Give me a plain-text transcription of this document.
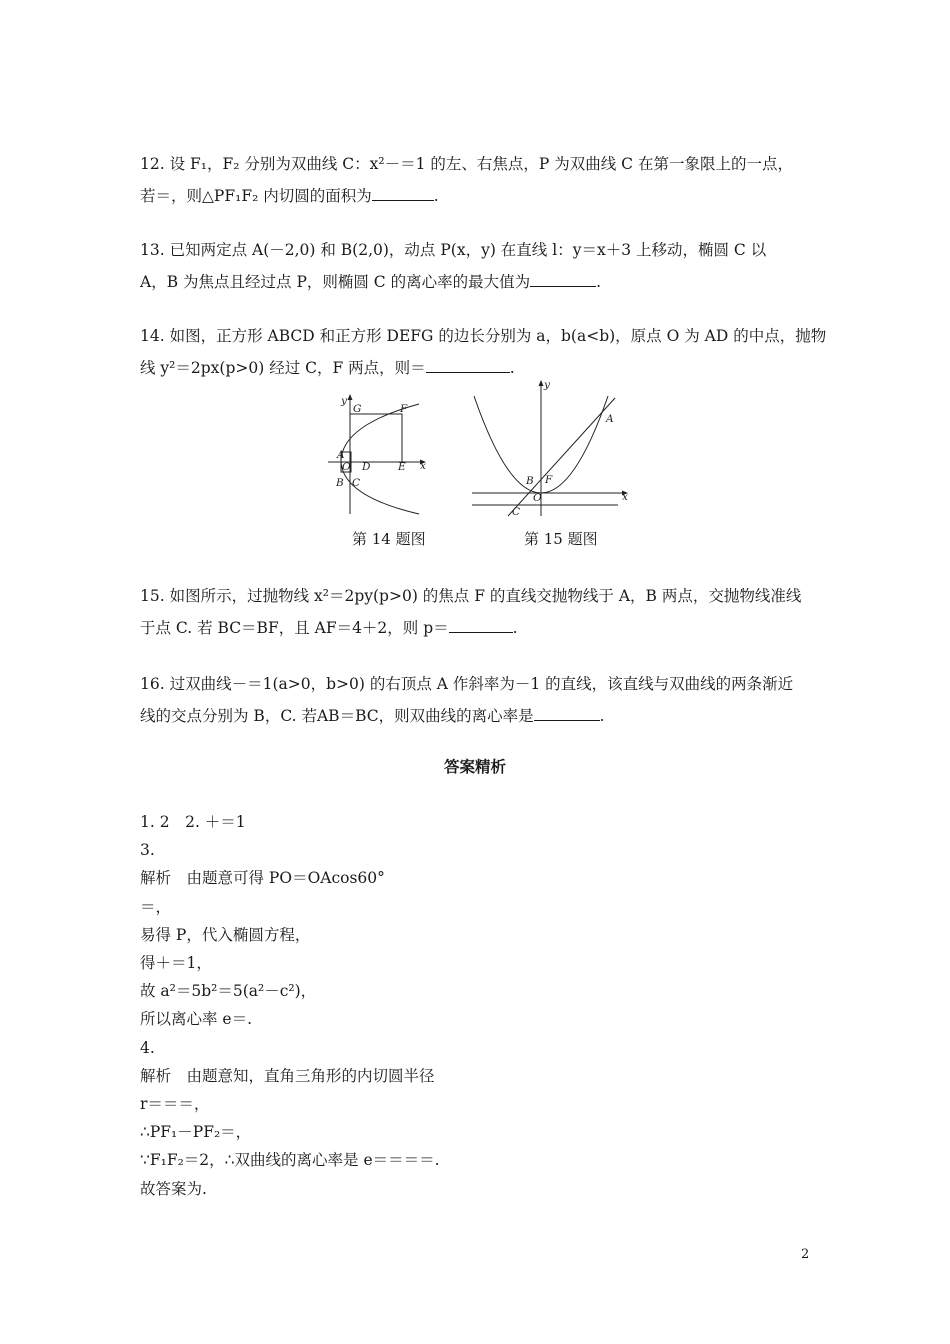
12. 设 F₁，F₂ 分别为双曲线 C：x²－＝1 的左、右焦点，P 为双曲线 C 在第一象限上的一点，
若＝，则△PF₁F₂ 内切圆的面积为	.
13. 已知两定点 A(－2,0) 和 B(2,0)，动点 P(x，y) 在直线 l：y＝x＋3 上移动，椭圆 C 以
A，B 为焦点且经过点 P，则椭圆 C 的离心率的最大值为	.
14. 如图，正方形 ABCD 和正方形 DEFG 的边长分别为 a，b(a<b)，原点 O 为 AD 的中点，抛物
线 y²＝2px(p>0) 经过 C，F 两点，则＝	.
y
x
G	F
A
O D	E
B C
y
x
A
B F
O
C
第 14 题图	第 15 题图
15. 如图所示，过抛物线 x²＝2py(p>0) 的焦点 F 的直线交抛物线于 A，B 两点，交抛物线准线
于点 C. 若 BC＝BF，且 AF＝4＋2，则 p＝	.
16. 过双曲线－＝1(a>0，b>0) 的右顶点 A 作斜率为－1 的直线，该直线与双曲线的两条渐近
线的交点分别为 B，C. 若AB＝BC，则双曲线的离心率是	.
答案精析
1. 2　2. ＋＝1
3.
解析　由题意可得 PO＝OAcos60°
＝，
易得 P，代入椭圆方程，
得＋＝1，
故 a²＝5b²＝5(a²－c²)，
所以离心率 e＝.
4.
解析　由题意知，直角三角形的内切圆半径
r＝＝＝，
∴PF₁－PF₂＝，
∵F₁F₂＝2，∴双曲线的离心率是 e＝＝＝＝.
故答案为.
2
